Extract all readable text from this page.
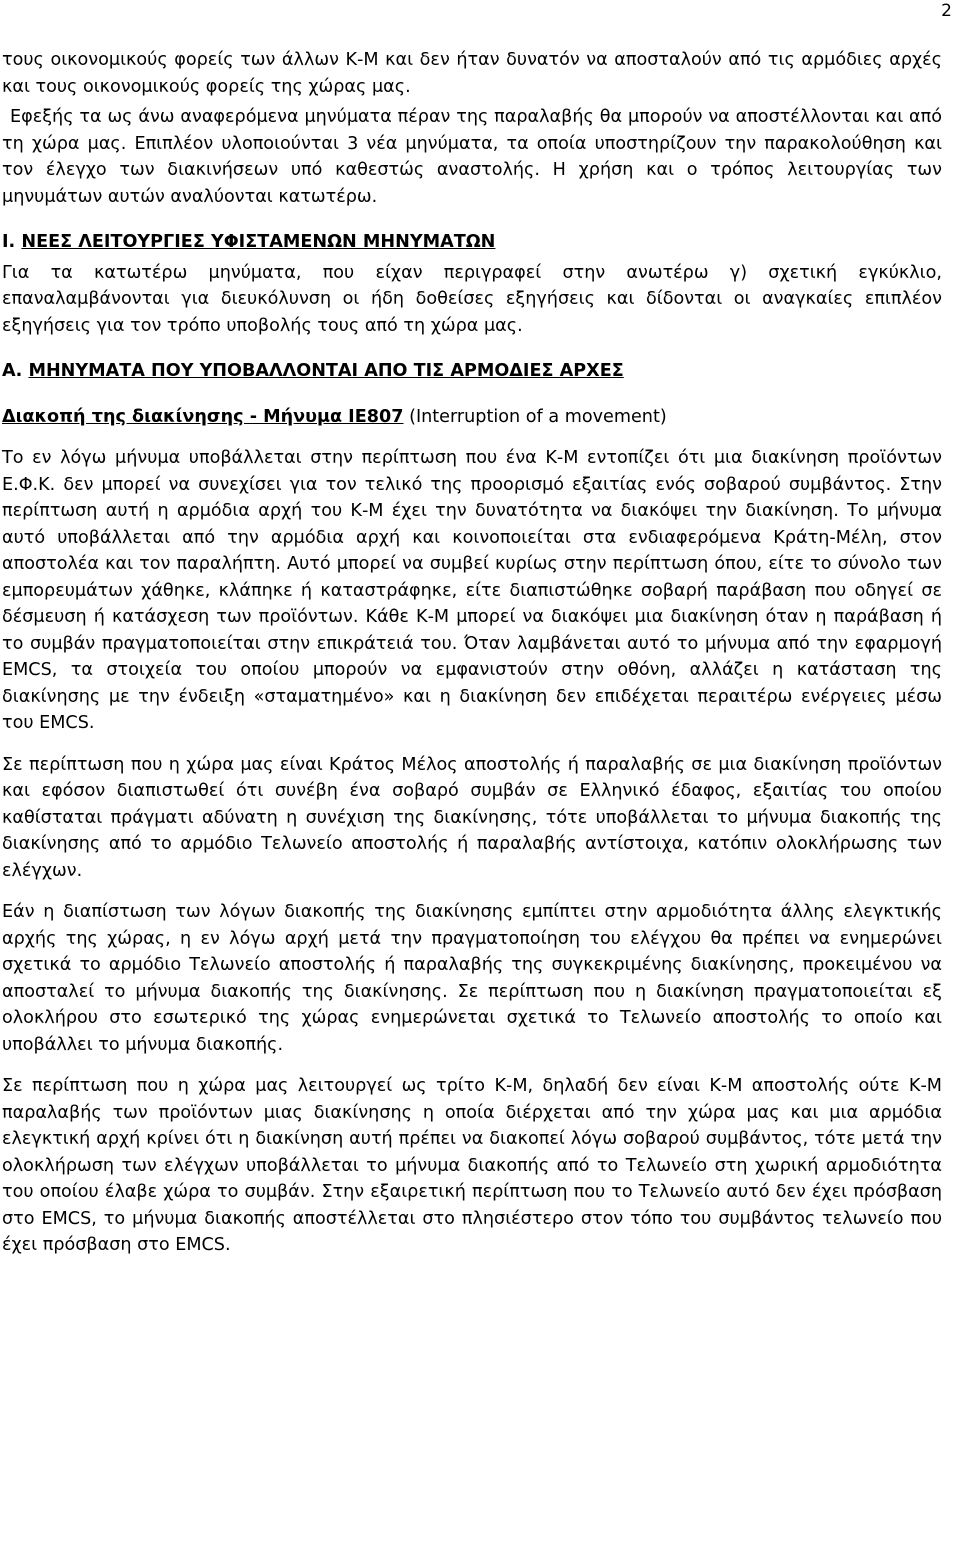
2

τους οικονομικούς φορείς των άλλων Κ-Μ και δεν ήταν δυνατόν να αποσταλούν από τις αρμόδιες αρχές και τους οικονομικούς φορείς της χώρας μας.

Εφεξής τα ως άνω αναφερόμενα μηνύματα πέραν της παραλαβής θα μπορούν να αποστέλλονται και από τη χώρα μας. Επιπλέον υλοποιούνται 3 νέα μηνύματα, τα οποία υποστηρίζουν την παρακολούθηση και τον έλεγχο των διακινήσεων υπό καθεστώς αναστολής. Η χρήση και ο τρόπος λειτουργίας των μηνυμάτων αυτών αναλύονται κατωτέρω.

Ι. ΝΕΕΣ ΛΕΙΤΟΥΡΓΙΕΣ ΥΦΙΣΤΑΜΕΝΩΝ ΜΗΝΥΜΑΤΩΝ

Για τα κατωτέρω μηνύματα, που είχαν περιγραφεί στην ανωτέρω γ) σχετική εγκύκλιο, επαναλαμβάνονται για διευκόλυνση οι ήδη δοθείσες εξηγήσεις και δίδονται οι αναγκαίες επιπλέον εξηγήσεις για τον τρόπο υποβολής τους από τη χώρα μας.

Α. ΜΗΝΥΜΑΤΑ ΠΟΥ ΥΠΟΒΑΛΛΟΝΤΑΙ ΑΠΟ ΤΙΣ ΑΡΜΟΔΙΕΣ ΑΡΧΕΣ

Διακοπή της διακίνησης - Μήνυμα IE807 (Interruption of a movement)

Το εν λόγω μήνυμα υποβάλλεται στην περίπτωση που ένα Κ-Μ εντοπίζει ότι μια διακίνηση προϊόντων Ε.Φ.Κ. δεν μπορεί να συνεχίσει για τον τελικό της προορισμό εξαιτίας ενός σοβαρού συμβάντος. Στην περίπτωση αυτή η αρμόδια αρχή του Κ-Μ έχει την δυνατότητα να διακόψει την διακίνηση. Το μήνυμα αυτό υποβάλλεται από την αρμόδια αρχή και κοινοποιείται στα ενδιαφερόμενα Κράτη-Μέλη, στον αποστολέα και τον παραλήπτη. Αυτό μπορεί να συμβεί κυρίως στην περίπτωση όπου, είτε το σύνολο των εμπορευμάτων χάθηκε, κλάπηκε ή καταστράφηκε, είτε διαπιστώθηκε σοβαρή παράβαση που οδηγεί σε δέσμευση ή κατάσχεση των προϊόντων. Κάθε Κ-Μ μπορεί να διακόψει μια διακίνηση όταν η παράβαση ή το συμβάν πραγματοποιείται στην επικράτειά του. Όταν λαμβάνεται αυτό το μήνυμα από την εφαρμογή EMCS, τα στοιχεία του οποίου μπορούν να εμφανιστούν στην οθόνη, αλλάζει η κατάσταση της διακίνησης με την ένδειξη «σταματημένο» και η διακίνηση δεν επιδέχεται περαιτέρω ενέργειες μέσω του EMCS.

Σε περίπτωση που η χώρα μας είναι Κράτος Μέλος αποστολής ή παραλαβής σε μια διακίνηση προϊόντων και εφόσον διαπιστωθεί ότι συνέβη ένα σοβαρό συμβάν σε Ελληνικό έδαφος, εξαιτίας του οποίου καθίσταται πράγματι αδύνατη η συνέχιση της διακίνησης, τότε υποβάλλεται το μήνυμα διακοπής της διακίνησης από το αρμόδιο Τελωνείο αποστολής ή παραλαβής αντίστοιχα, κατόπιν ολοκλήρωσης των ελέγχων.

Εάν η διαπίστωση των λόγων διακοπής της διακίνησης εμπίπτει στην αρμοδιότητα άλλης ελεγκτικής αρχής της χώρας, η εν λόγω αρχή μετά την πραγματοποίηση του ελέγχου θα πρέπει να ενημερώνει σχετικά το αρμόδιο Τελωνείο αποστολής ή παραλαβής της συγκεκριμένης διακίνησης, προκειμένου να αποσταλεί το μήνυμα διακοπής της διακίνησης. Σε περίπτωση που η διακίνηση πραγματοποιείται εξ ολοκλήρου στο εσωτερικό της χώρας ενημερώνεται σχετικά το Τελωνείο αποστολής το οποίο και υποβάλλει το μήνυμα διακοπής.

Σε περίπτωση που η χώρα μας λειτουργεί ως τρίτο Κ-Μ, δηλαδή δεν είναι Κ-Μ αποστολής ούτε Κ-Μ παραλαβής των προϊόντων μιας διακίνησης η οποία διέρχεται από την χώρα μας και μια αρμόδια ελεγκτική αρχή κρίνει ότι η διακίνηση αυτή πρέπει να διακοπεί λόγω σοβαρού συμβάντος, τότε μετά την ολοκλήρωση των ελέγχων υποβάλλεται το μήνυμα διακοπής από το Τελωνείο στη χωρική αρμοδιότητα του οποίου έλαβε χώρα το συμβάν. Στην εξαιρετική περίπτωση που το Τελωνείο αυτό δεν έχει πρόσβαση στο EMCS, το μήνυμα διακοπής αποστέλλεται στο πλησιέστερο στον τόπο του συμβάντος τελωνείο που έχει πρόσβαση στο EMCS.
